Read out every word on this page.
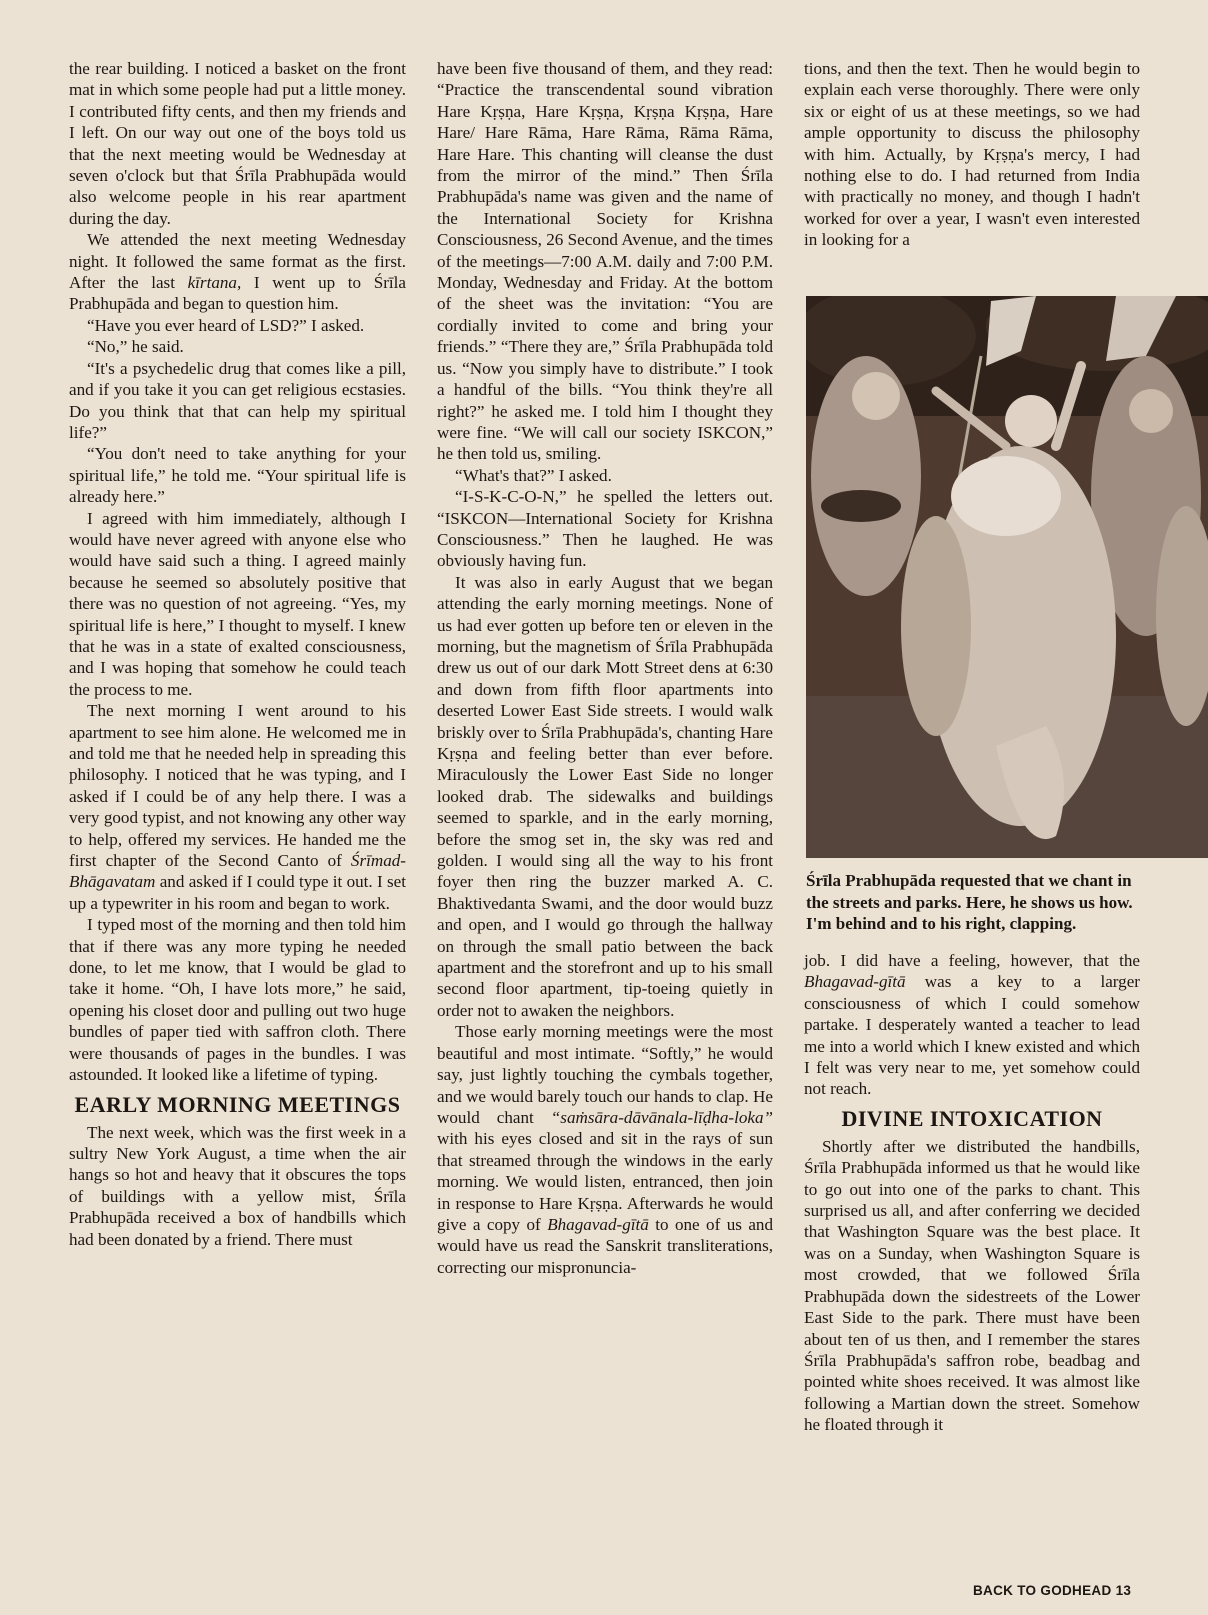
the rear building. I noticed a basket on the front mat in which some people had put a little money. I contributed fifty cents, and then my friends and I left. On our way out one of the boys told us that the next meeting would be Wednesday at seven o'clock but that Śrīla Prabhupāda would also welcome people in his rear apartment during the day.

We attended the next meeting Wednesday night. It followed the same format as the first. After the last kīrtana, I went up to Śrīla Prabhupāda and began to question him.

“Have you ever heard of LSD?” I asked.

“No,” he said.

“It's a psychedelic drug that comes like a pill, and if you take it you can get religious ecstasies. Do you think that that can help my spiritual life?”

“You don't need to take anything for your spiritual life,” he told me. “Your spiritual life is already here.”

I agreed with him immediately, although I would have never agreed with anyone else who would have said such a thing. I agreed mainly because he seemed so absolutely positive that there was no question of not agreeing. “Yes, my spiritual life is here,” I thought to myself. I knew that he was in a state of exalted consciousness, and I was hoping that somehow he could teach the process to me.

The next morning I went around to his apartment to see him alone. He welcomed me in and told me that he needed help in spreading this philosophy. I noticed that he was typing, and I asked if I could be of any help there. I was a very good typist, and not knowing any other way to help, offered my services. He handed me the first chapter of the Second Canto of Śrīmad-Bhāgavatam and asked if I could type it out. I set up a typewriter in his room and began to work.

I typed most of the morning and then told him that if there was any more typing he needed done, to let me know, that I would be glad to take it home. “Oh, I have lots more,” he said, opening his closet door and pulling out two huge bundles of paper tied with saffron cloth. There were thousands of pages in the bundles. I was astounded. It looked like a lifetime of typing.

EARLY MORNING MEETINGS

The next week, which was the first week in a sultry New York August, a time when the air hangs so hot and heavy that it obscures the tops of buildings with a yellow mist, Śrīla Prabhupāda received a box of handbills which had been donated by a friend. There must

have been five thousand of them, and they read: “Practice the transcendental sound vibration Hare Kṛṣṇa, Hare Kṛṣṇa, Kṛṣṇa Kṛṣṇa, Hare Hare/ Hare Rāma, Hare Rāma, Rāma Rāma, Hare Hare. This chanting will cleanse the dust from the mirror of the mind.” Then Śrīla Prabhupāda's name was given and the name of the International Society for Krishna Consciousness, 26 Second Avenue, and the times of the meetings—7:00 A.M. daily and 7:00 P.M. Monday, Wednesday and Friday. At the bottom of the sheet was the invitation: “You are cordially invited to come and bring your friends.” “There they are,” Śrīla Prabhupāda told us. “Now you simply have to distribute.” I took a handful of the bills. “You think they're all right?” he asked me. I told him I thought they were fine. “We will call our society ISKCON,” he then told us, smiling.

“What's that?” I asked.

“I-S-K-C-O-N,” he spelled the letters out. “ISKCON—International Society for Krishna Consciousness.” Then he laughed. He was obviously having fun.

It was also in early August that we began attending the early morning meetings. None of us had ever gotten up before ten or eleven in the morning, but the magnetism of Śrīla Prabhupāda drew us out of our dark Mott Street dens at 6:30 and down from fifth floor apartments into deserted Lower East Side streets. I would walk briskly over to Śrīla Prabhupāda's, chanting Hare Kṛṣṇa and feeling better than ever before. Miraculously the Lower East Side no longer looked drab. The sidewalks and buildings seemed to sparkle, and in the early morning, before the smog set in, the sky was red and golden. I would sing all the way to his front foyer then ring the buzzer marked A. C. Bhaktivedanta Swami, and the door would buzz and open, and I would go through the hallway on through the small patio between the back apartment and the storefront and up to his small second floor apartment, tip-toeing quietly in order not to awaken the neighbors.

Those early morning meetings were the most beautiful and most intimate. “Softly,” he would say, just lightly touching the cymbals together, and we would barely touch our hands to clap. He would chant “saṁsāra-dāvānala-līḍha-loka” with his eyes closed and sit in the rays of sun that streamed through the windows in the early morning. We would listen, entranced, then join in response to Hare Kṛṣṇa. Afterwards he would give a copy of Bhagavad-gītā to one of us and would have us read the Sanskrit transliterations, correcting our mispronuncia-

tions, and then the text. Then he would begin to explain each verse thoroughly. There were only six or eight of us at these meetings, so we had ample opportunity to discuss the philosophy with him. Actually, by Kṛṣṇa's mercy, I had nothing else to do. I had returned from India with practically no money, and though I hadn't worked for over a year, I wasn't even interested in looking for a

Śrīla Prabhupāda requested that we chant in the streets and parks. Here, he shows us how. I'm behind and to his right, clapping.

job. I did have a feeling, however, that the Bhagavad-gītā was a key to a larger consciousness of which I could somehow partake. I desperately wanted a teacher to lead me into a world which I knew existed and which I felt was very near to me, yet somehow could not reach.

DIVINE INTOXICATION

Shortly after we distributed the handbills, Śrīla Prabhupāda informed us that he would like to go out into one of the parks to chant. This surprised us all, and after conferring we decided that Washington Square was the best place. It was on a Sunday, when Washington Square is most crowded, that we followed Śrīla Prabhupāda down the sidestreets of the Lower East Side to the park. There must have been about ten of us then, and I remember the stares Śrīla Prabhupāda's saffron robe, beadbag and pointed white shoes received. It was almost like following a Martian down the street. Somehow he floated through it

BACK TO GODHEAD 13
